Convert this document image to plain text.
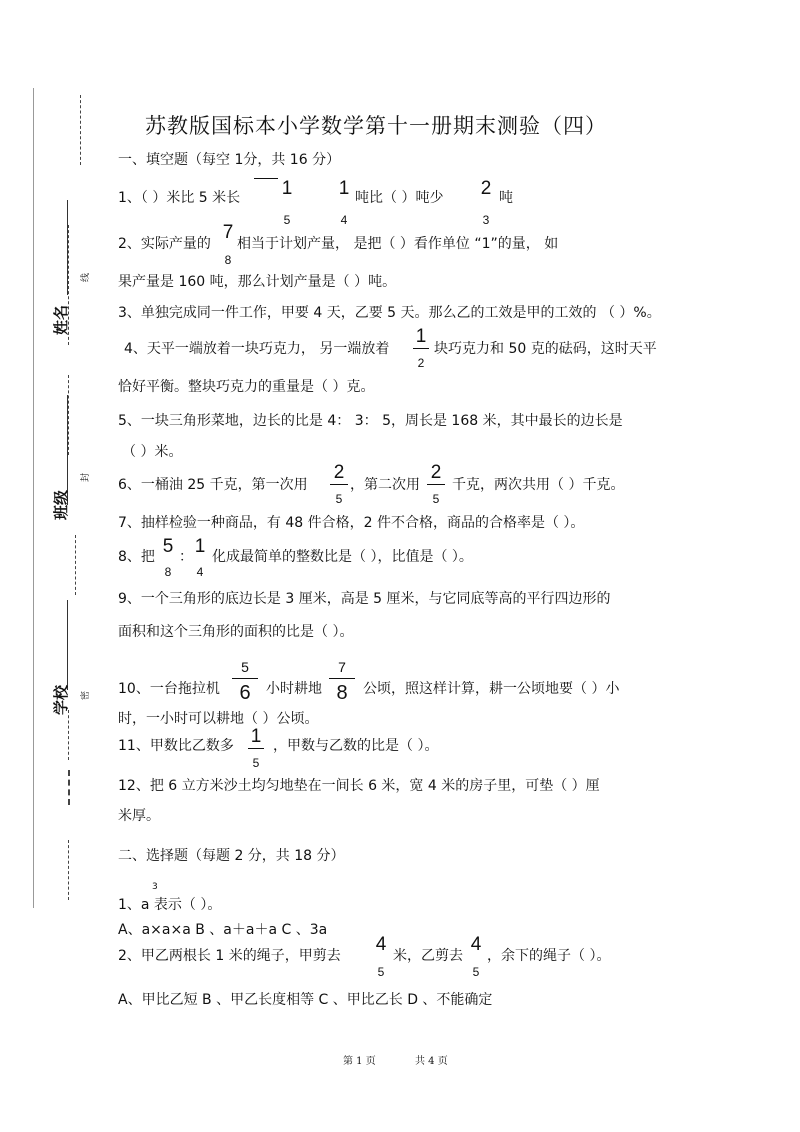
姓名
线
班级
封
学校	密
苏教版国标本小学数学第十一册期末测验（四）
一、填空题（每空 1分，共 16 分）
1、（ ）米比 5 米长 1
5
1
4
吨比（ ）吨少 2
3
吨
2、实际产量的
7
8
相当于计划产量， 是把（ ）看作单位 “1”的量， 如
果产量是 160 吨，那么计划产量是（ ）吨。
3、单独完成同一件工作，甲要 4 天，乙要 5 天。那么乙的工效是甲的工效的 （ ）%。
4、天平一端放着一块巧克力， 另一端放着
1
2
块巧克力和 50 克的砝码，这时天平
恰好平衡。整块巧克力的重量是（ ）克。
5、一块三角形菜地，边长的比是 4： 3： 5，周长是 168 米，其中最长的边长是
（ ）米。
6、一桶油 25 千克，第一次用
2
5
，第二次用
2
5
千克，两次共用（ ）千克。
7、抽样检验一种商品，有 48 件合格，2 件不合格，商品的合格率是（ ）。
8、把 5
8
： 1
4
化成最简单的整数比是（ ），比值是（ ）。
9、一个三角形的底边长是 3 厘米，高是 5 厘米，与它同底等高的平行四边形的
面积和这个三角形的面积的比是（ ）。
10、一台拖拉机
5
6	小时耕地
7
8	公顷，照这样计算，耕一公顷地要（ ）小
时，一小时可以耕地（ ）公顷。
11、甲数比乙数多 1
5
，甲数与乙数的比是（ ）。
12、把 6 立方米沙土均匀地垫在一间长 6 米，宽 4 米的房子里，可垫（ ）厘
米厚。
二、选择题（每题 2 分，共 18 分）
3
1、a 表示（ ）。
A、a×a×a B 、a＋a＋a C 、3a
2、甲乙两根长 1 米的绳子，甲剪去
4
5
米，乙剪去
4
5
，余下的绳子（ ）。
A、甲比乙短 B 、甲乙长度相等 C 、甲比乙长 D 、不能确定
第 1 页	共 4 页
